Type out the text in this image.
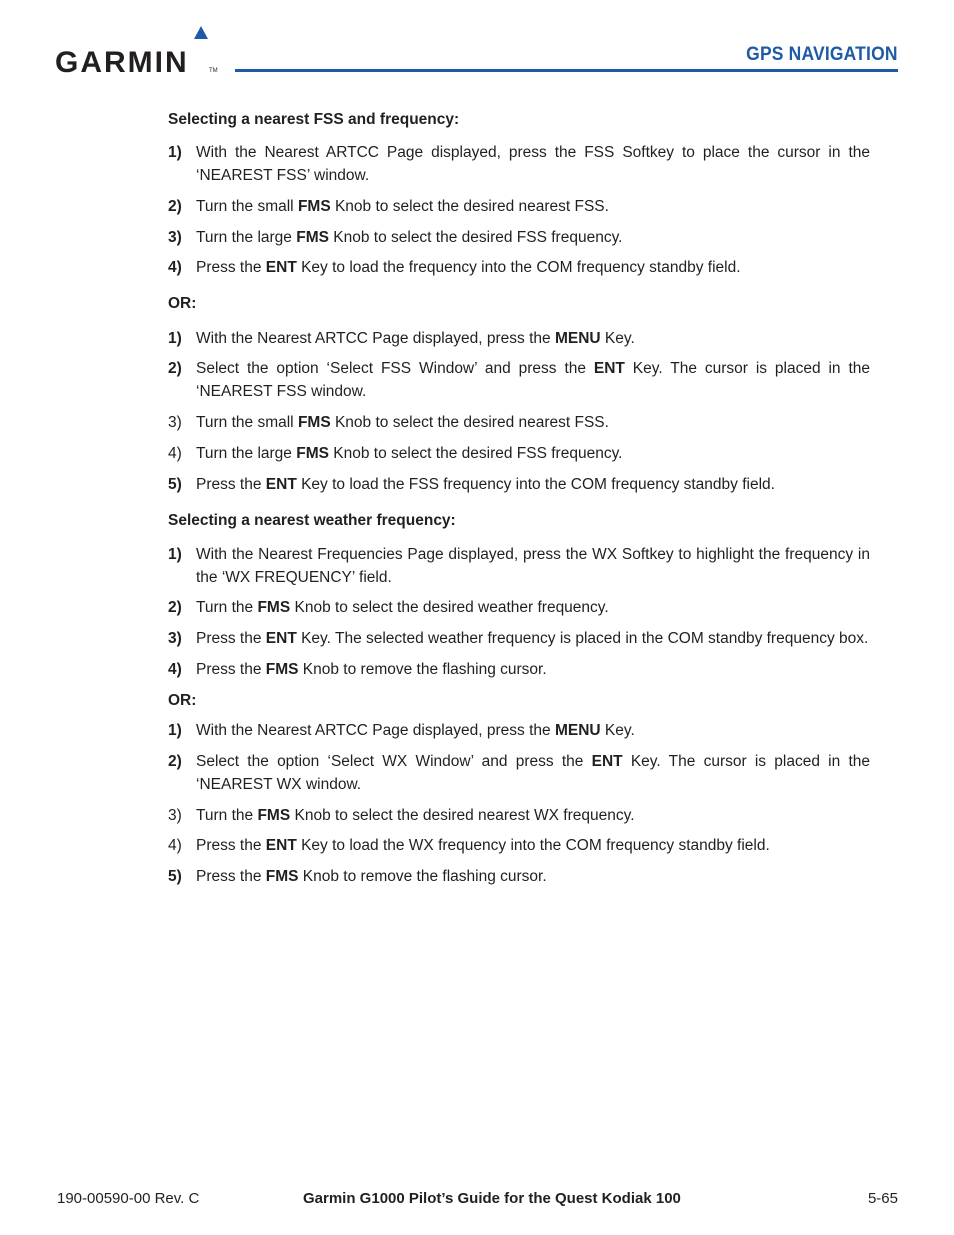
GARMIN	TM
GPS NAVIGATION
Selecting a nearest FSS and frequency:
1) With the Nearest ARTCC Page displayed, press the FSS Softkey to place the cursor in the ‘NEAREST FSS’ window.
2) Turn the small FMS Knob to select the desired nearest FSS.
3) Turn the large FMS Knob to select the desired FSS frequency.
4) Press the ENT Key to load the frequency into the COM frequency standby field.
OR:
1) With the Nearest ARTCC Page displayed, press the MENU Key.
2) Select the option ‘Select FSS Window’ and press the ENT Key. The cursor is placed in the ‘NEAREST FSS window.
3) Turn the small FMS Knob to select the desired nearest FSS.
4) Turn the large FMS Knob to select the desired FSS frequency.
5) Press the ENT Key to load the FSS frequency into the COM frequency standby field.
Selecting a nearest weather frequency:
1) With the Nearest Frequencies Page displayed, press the WX Softkey to highlight the frequency in the ‘WX FREQUENCY’ field.
2) Turn the FMS Knob to select the desired weather frequency.
3) Press the ENT Key. The selected weather frequency is placed in the COM standby frequency box.
4) Press the FMS Knob to remove the flashing cursor.
OR:
1) With the Nearest ARTCC Page displayed, press the MENU Key.
2) Select the option ‘Select WX Window’ and press the ENT Key. The cursor is placed in the ‘NEAREST WX window.
3) Turn the FMS Knob to select the desired nearest WX frequency.
4) Press the ENT Key to load the WX frequency into the COM frequency standby field.
5) Press the FMS Knob to remove the flashing cursor.
190-00590-00 Rev. C	Garmin G1000 Pilot’s Guide for the Quest Kodiak 100	5-65
